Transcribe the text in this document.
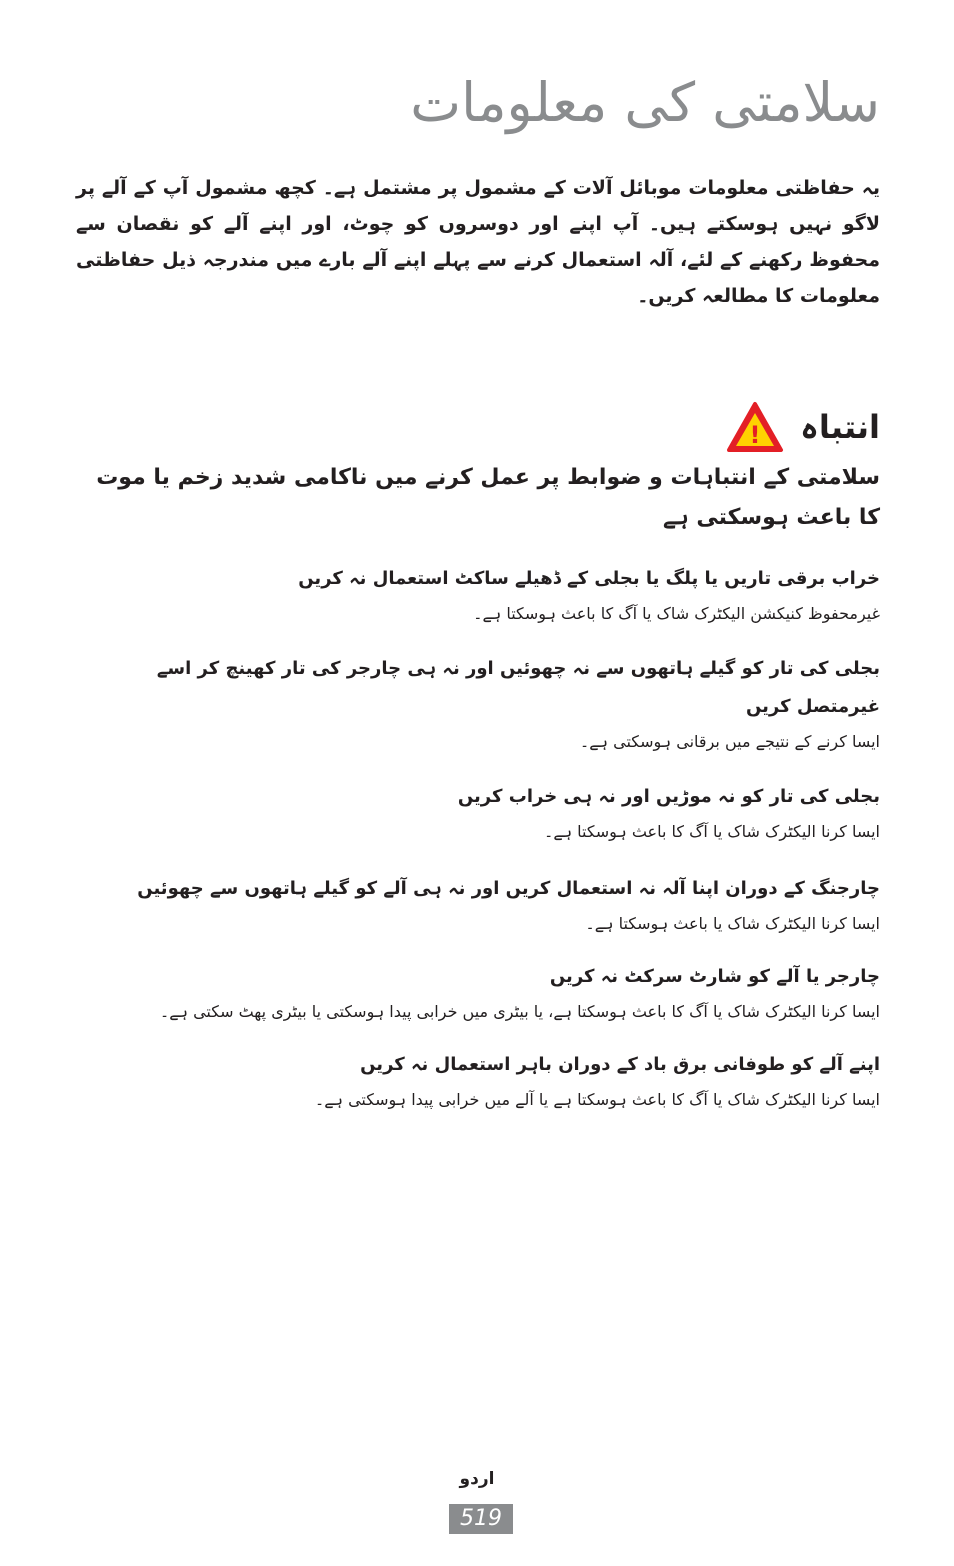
سلامتی کی معلومات

یہ حفاظتی معلومات موبائل آلات کے مشمول پر مشتمل ہے۔ کچھ مشمول آپ کے آلے پر لاگو نہیں ہوسکتے ہیں۔ آپ اپنے اور دوسروں کو چوٹ، اور اپنے آلے کو نقصان سے محفوظ رکھنے کے لئے، آلہ استعمال کرنے سے پہلے اپنے آلے بارے میں مندرجہ ذیل حفاظتی معلومات کا مطالعہ کریں۔

انتباہ
!
سلامتی کے انتباہات و ضوابط پر عمل کرنے میں ناکامی شدید زخم یا موت کا باعث ہوسکتی ہے
خراب برقی تاریں یا پلگ یا بجلی کے ڈھیلے ساکٹ استعمال نہ کریں
غیرمحفوظ کنیکشن الیکٹرک شاک یا آگ کا باعث ہوسکتا ہے۔
بجلی کی تار کو گیلے ہاتھوں سے نہ چھوئیں اور نہ ہی چارجر کی تار کھینچ کر اسے غیرمتصل کریں
ایسا کرنے کے نتیجے میں برقانی ہوسکتی ہے۔
بجلی کی تار کو نہ موڑیں اور نہ ہی خراب کریں
ایسا کرنا الیکٹرک شاک یا آگ کا باعث ہوسکتا ہے۔
چارجنگ کے دوران اپنا آلہ نہ استعمال کریں اور نہ ہی آلے کو گیلے ہاتھوں سے چھوئیں
ایسا کرنا الیکٹرک شاک یا باعث ہوسکتا ہے۔
چارجر یا آلے کو شارٹ سرکٹ نہ کریں
ایسا کرنا الیکٹرک شاک یا آگ کا باعث ہوسکتا ہے، یا بیٹری میں خرابی پیدا ہوسکتی یا بیٹری پھٹ سکتی ہے۔
اپنے آلے کو طوفانی برق باد کے دوران باہر استعمال نہ کریں
ایسا کرنا الیکٹرک شاک یا آگ کا باعث ہوسکتا ہے یا آلے میں خرابی پیدا ہوسکتی ہے۔
اردو
519
